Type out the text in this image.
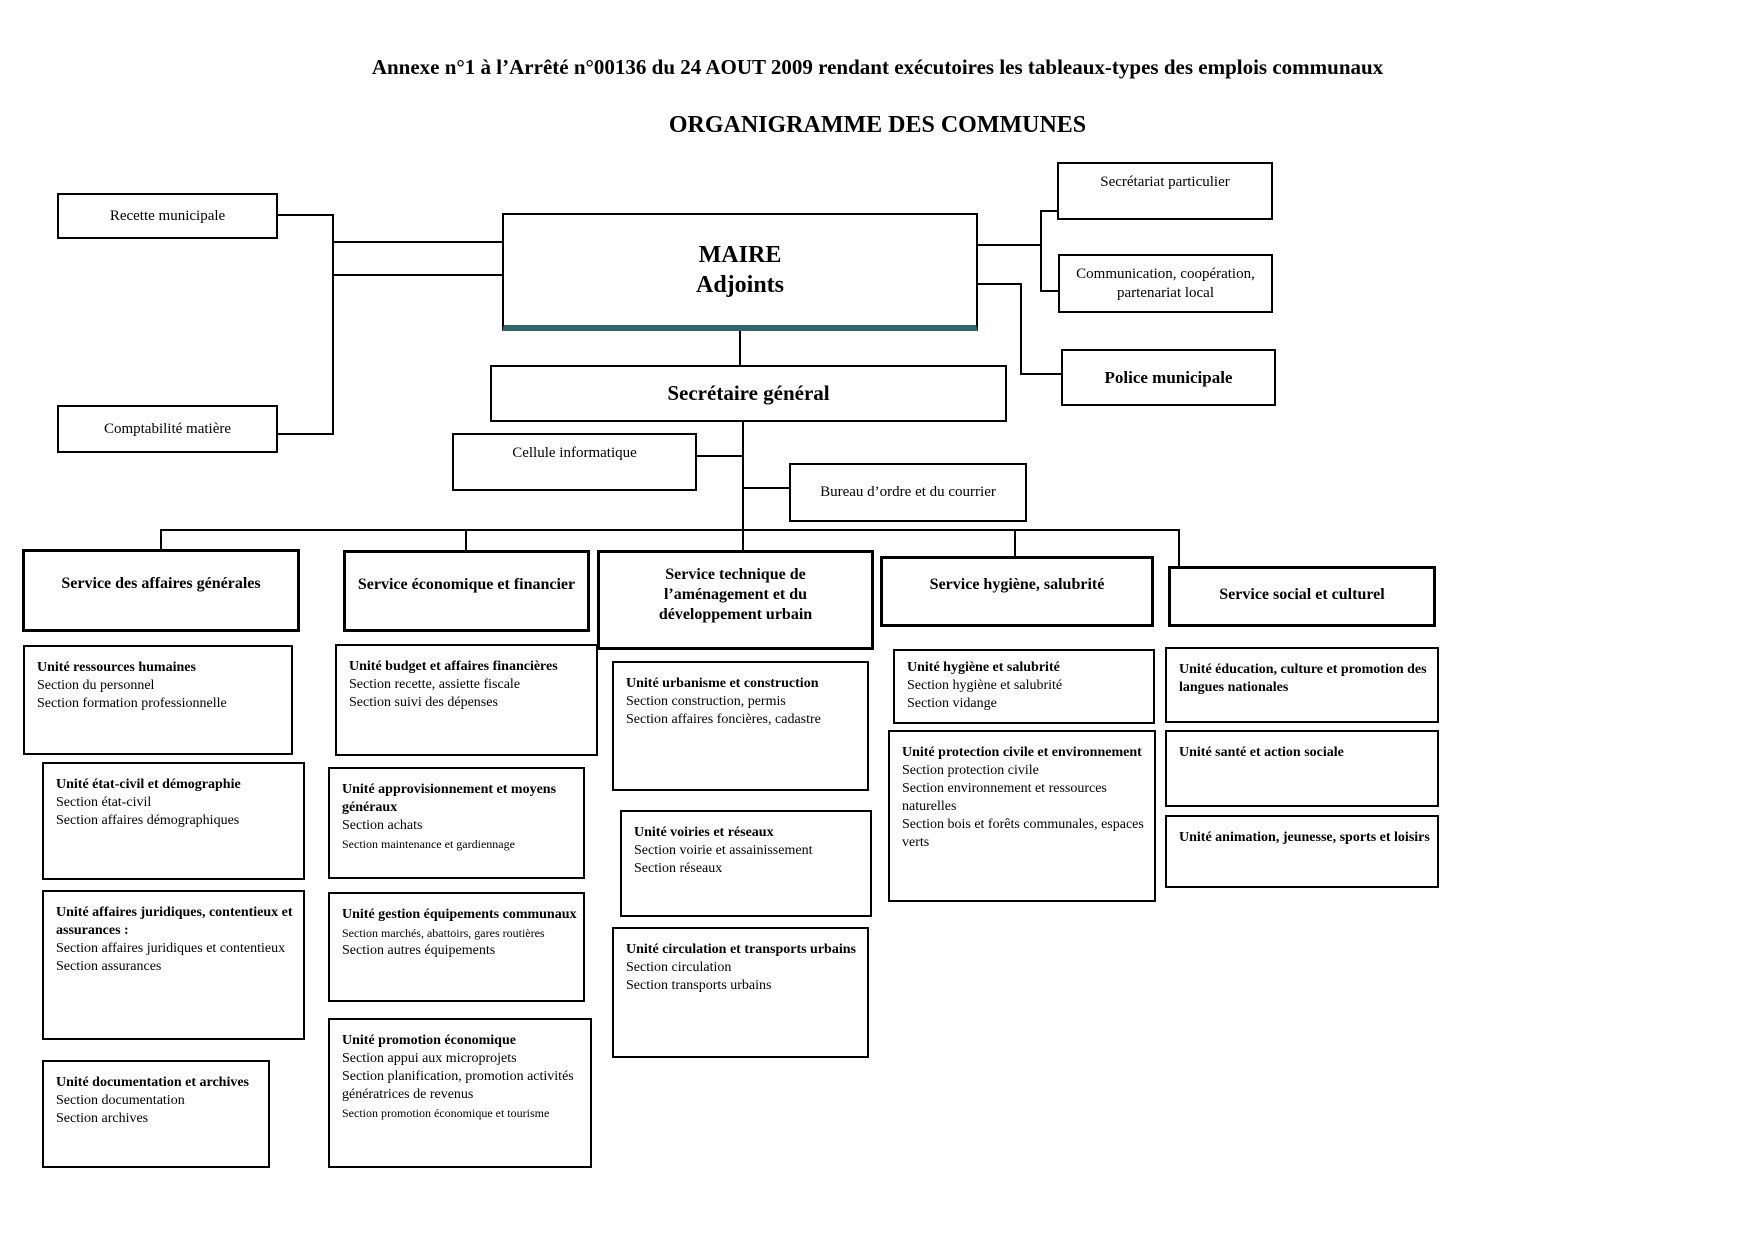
Annexe n°1 à l’Arrêté n°00136 du 24 AOUT 2009 rendant exécutoires les tableaux-types des emplois communaux
ORGANIGRAMME DES COMMUNES
Recette municipale
Comptabilité matière
MAIRE
Adjoints
Secrétariat particulier
Communication, coopération,
partenariat local
Police municipale
Secrétaire général
Cellule informatique
Bureau d’ordre et du courrier
Service des affaires générales	Service économique et financier
Service technique de l’aménagement et du développement urbain
Service hygiène, salubrité
Service social et culturel
Unité ressources humaines
Section du personnel
Section formation professionnelle
Unité état-civil et démographie
Section état-civil
Section affaires démographiques
Unité affaires juridiques, contentieux et assurances :
Section affaires juridiques et contentieux
Section assurances
Unité documentation et archives
Section documentation
Section archives
Unité budget et affaires financières
Section recette, assiette fiscale
Section suivi des dépenses
Unité approvisionnement et moyens généraux
Section achats
Section maintenance et gardiennage
Unité gestion équipements communaux
Section marchés, abattoirs, gares routières
Section autres équipements
Unité promotion économique
Section appui aux microprojets
Section planification, promotion activités génératrices de revenus
Section promotion économique et tourisme
Unité urbanisme et construction
Section construction, permis
Section affaires foncières, cadastre
Unité voiries et réseaux
Section voirie et assainissement
Section réseaux
Unité circulation et transports urbains
Section circulation
Section transports urbains
Unité hygiène et salubrité
Section hygiène et salubrité
Section vidange
Unité protection civile et environnement
Section protection civile
Section environnement et ressources naturelles
Section bois et forêts communales, espaces verts
Unité éducation, culture et promotion des langues nationales
Unité santé et action sociale
Unité animation, jeunesse, sports et loisirs
